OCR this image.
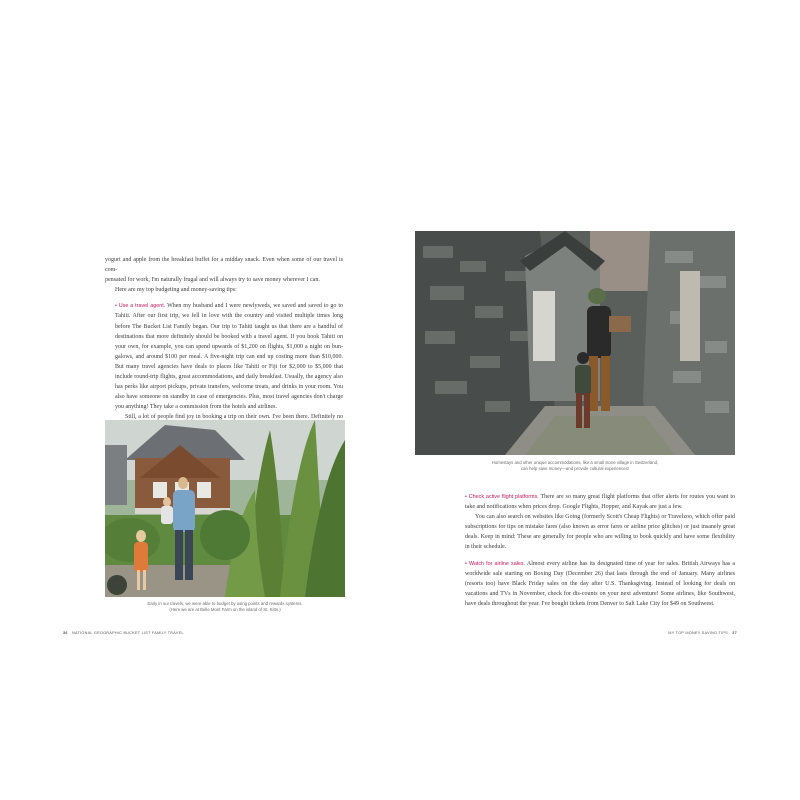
yogurt and apple from the breakfast buffet for a midday snack. Even when some of our travel is com-

pensated for work, I'm naturally frugal and will always try to save money wherever I can.

Here are my top budgeting and money-saving tips:

• Use a travel agent. When my husband and I were newlyweds, we saved and saved to go to Tahiti. After our first trip, we fell in love with the country and visited multiple times long before The Bucket List Family began. Our trip to Tahiti taught us that there are a handful of destinations that more definitely should be booked with a travel agent. If you book Tahiti on your own, for example, you can spend upwards of $1,200 on flights, $1,000 a night on bun-galows, and around $100 per meal. A five-night trip can end up costing more than $10,000. But many travel agencies have deals to places like Tahiti or Fiji for $2,000 to $5,000 that include round-trip flights, great accommodations, and daily breakfast. Usually, the agency also has perks like airport pickups, private transfers, welcome treats, and drinks in your room. You also have someone on standby in case of emergencies. Plus, most travel agencies don't charge you anything! They take a commission from the hotels and airlines.

Still, a lot of people find joy in booking a trip on their own. I've been there. Definitely no

Early in our travels, we were able to budget by using points and rewards systems.
(Here we are at Belle Mont Farm on the island of St. Kitts.)
36 NATIONAL GEOGRAPHIC BUCKET LIST FAMILY TRAVEL
Homestays and other unique accommodations, like a small stone village in Switzerland,
can help save money—and provide cultural experiences!

• Check active flight platforms. There are so many great flight platforms that offer alerts for routes you want to take and notifications when prices drop. Google Flights, Hopper, and Kayak are just a few.

You can also search on websites like Going (formerly Scott's Cheap Flights) or Travelzoo, which offer paid subscriptions for tips on mistake fares (also known as error fares or airline price glitches) or just insanely great deals. Keep in mind: These are generally for people who are willing to book quickly and have some flexibility in their schedule.

• Watch for airline sales. Almost every airline has its designated time of year for sales. British Airways has a worldwide sale starting on Boxing Day (December 26) that lasts through the end of January. Many airlines (resorts too) have Black Friday sales on the day after U.S. Thanksgiving. Instead of looking for deals on vacations and TVs in November, check for dis-counts on your next adventure! Some airlines, like Southwest, have deals throughout the year. I've bought tickets from Denver to Salt Lake City for $49 on Southwest.

MY TOP MONEY-SAVING TIPS 37
